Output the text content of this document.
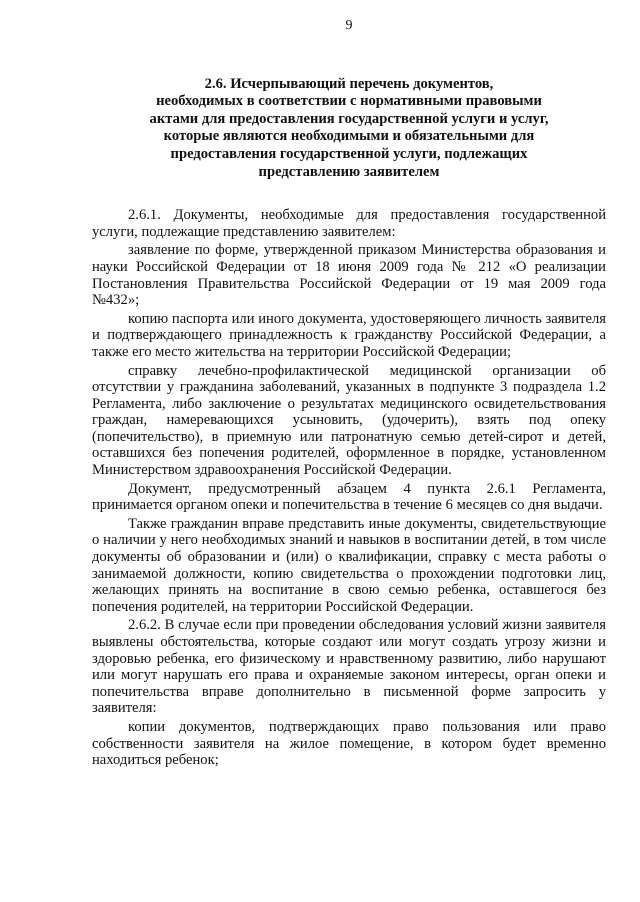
9
2.6. Исчерпывающий перечень документов,
необходимых в соответствии с нормативными правовыми
актами для предоставления государственной услуги и услуг,
которые являются необходимыми и обязательными для
предоставления государственной услуги, подлежащих
представлению заявителем

2.6.1. Документы, необходимые для предоставления государственной услуги, подлежащие представлению заявителем:

заявление по форме, утвержденной приказом Министерства образования и науки Российской Федерации от 18 июня 2009 года № 212 «О реализации Постановления Правительства Российской Федерации от 19 мая 2009 года №432»;

копию паспорта или иного документа, удостоверяющего личность заявителя и подтверждающего принадлежность к гражданству Российской Федерации, а также его место жительства на территории Российской Федерации;

справку лечебно-профилактической медицинской организации об отсутствии у гражданина заболеваний, указанных в подпункте 3 подраздела 1.2 Регламента, либо заключение о результатах медицинского освидетельствования граждан, намеревающихся усыновить, (удочерить), взять под опеку (попечительство), в приемную или патронатную семью детей-сирот и детей, оставшихся без попечения родителей, оформленное в порядке, установленном Министерством здравоохранения Российской Федерации.

Документ, предусмотренный абзацем 4 пункта 2.6.1 Регламента, принимается органом опеки и попечительства в течение 6 месяцев со дня выдачи.

Также гражданин вправе представить иные документы, свидетельствующие о наличии у него необходимых знаний и навыков в воспитании детей, в том числе документы об образовании и (или) о квалификации, справку с места работы о занимаемой должности, копию свидетельства о прохождении подготовки лиц, желающих принять на воспитание в свою семью ребенка, оставшегося без попечения родителей, на территории Российской Федерации.

2.6.2. В случае если при проведении обследования условий жизни заявителя выявлены обстоятельства, которые создают или могут создать угрозу жизни и здоровью ребенка, его физическому и нравственному развитию, либо нарушают или могут нарушать его права и охраняемые законом интересы, орган опеки и попечительства вправе дополнительно в письменной форме запросить у заявителя:

копии документов, подтверждающих право пользования или право собственности заявителя на жилое помещение, в котором будет временно находиться ребенок;
